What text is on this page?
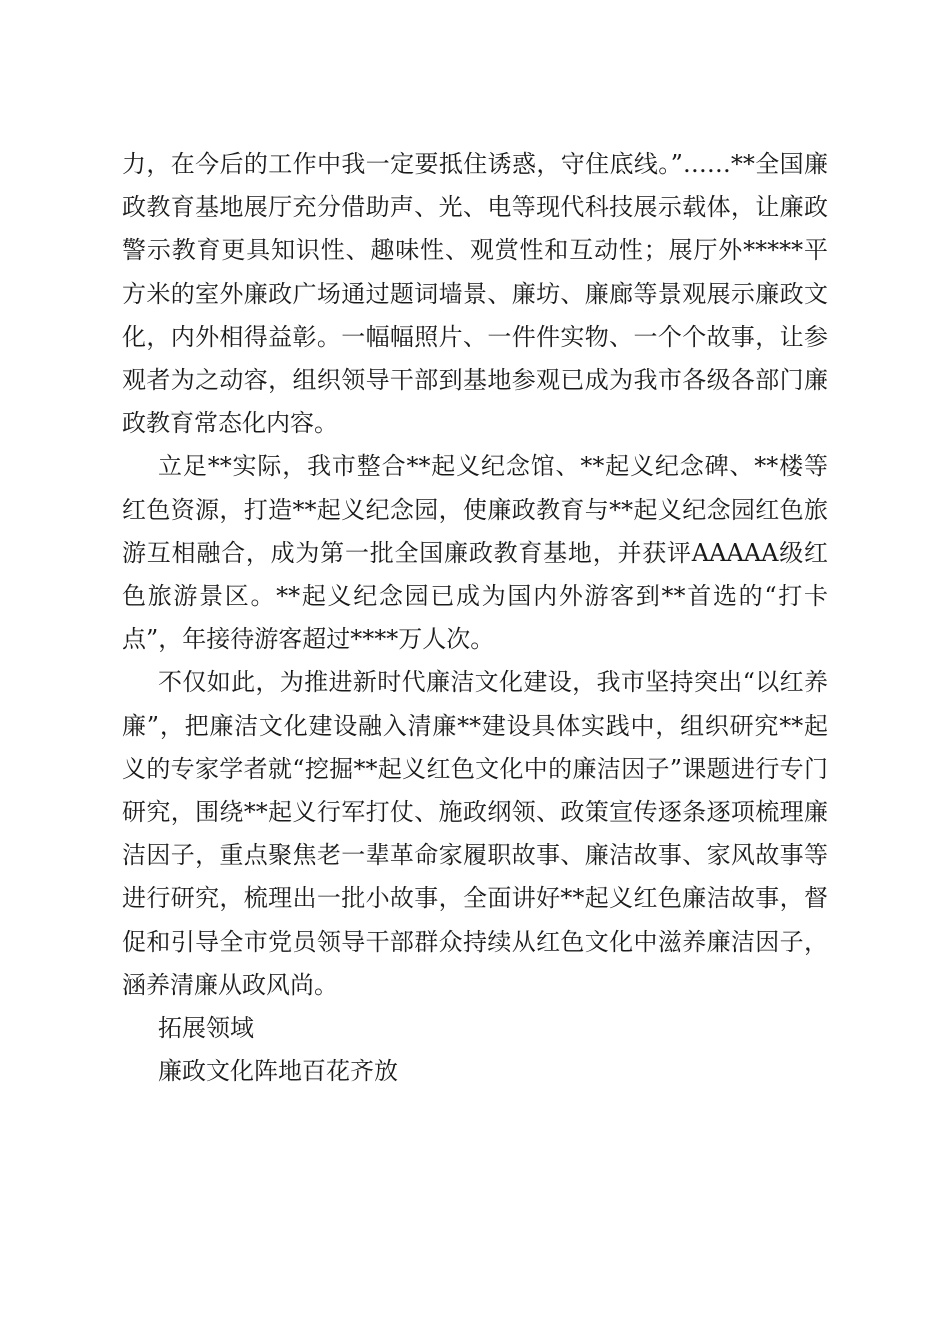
力，在今后的工作中我一定要抵住诱惑，守住底线。”……**全国廉政教育基地展厅充分借助声、光、电等现代科技展示载体，让廉政警示教育更具知识性、趣味性、观赏性和互动性；展厅外*****平方米的室外廉政广场通过题词墙景、廉坊、廉廊等景观展示廉政文化，内外相得益彰。一幅幅照片、一件件实物、一个个故事，让参观者为之动容，组织领导干部到基地参观已成为我市各级各部门廉政教育常态化内容。

立足**实际，我市整合**起义纪念馆、**起义纪念碑、**楼等红色资源，打造**起义纪念园，使廉政教育与**起义纪念园红色旅游互相融合，成为第一批全国廉政教育基地，并获评AAAAA级红色旅游景区。**起义纪念园已成为国内外游客到**首选的“打卡点”，年接待游客超过****万人次。

不仅如此，为推进新时代廉洁文化建设，我市坚持突出“以红养廉”，把廉洁文化建设融入清廉**建设具体实践中，组织研究**起义的专家学者就“挖掘**起义红色文化中的廉洁因子”课题进行专门研究，围绕**起义行军打仗、施政纲领、政策宣传逐条逐项梳理廉洁因子，重点聚焦老一辈革命家履职故事、廉洁故事、家风故事等进行研究，梳理出一批小故事，全面讲好**起义红色廉洁故事，督促和引导全市党员领导干部群众持续从红色文化中滋养廉洁因子，涵养清廉从政风尚。

拓展领域

廉政文化阵地百花齐放
